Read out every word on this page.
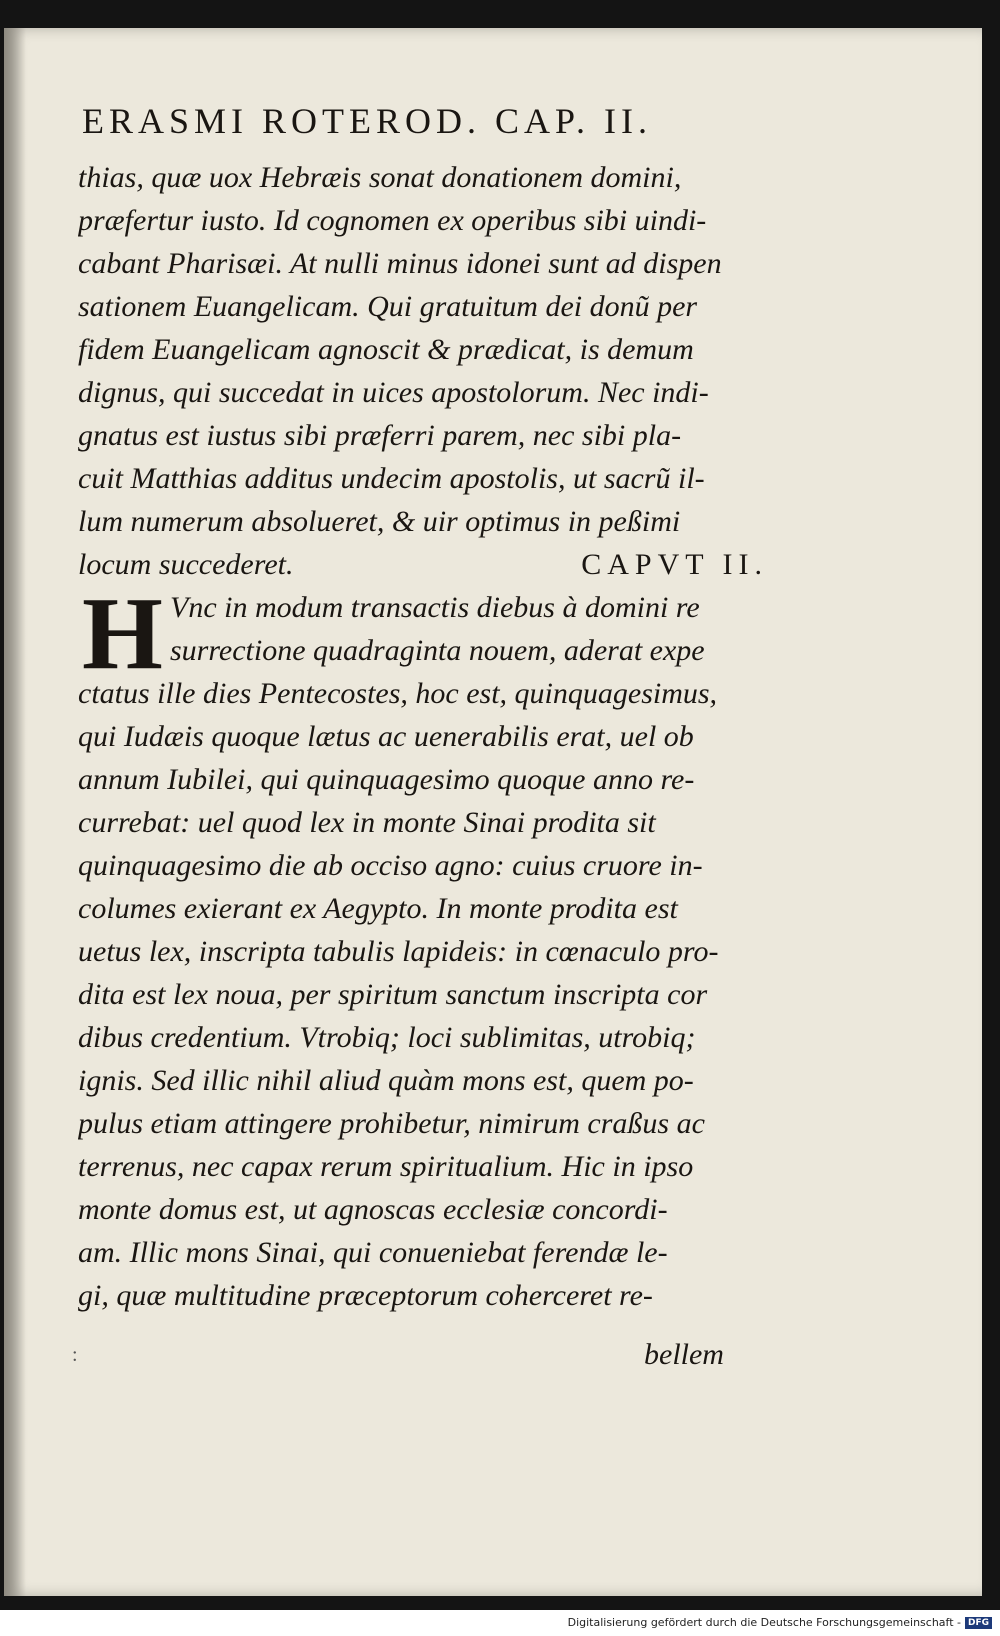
ERASMI ROTEROD. CAP. II.
thias, quæ uox Hebræis sonat donationem domini,
præfertur iusto. Id cognomen ex operibus sibi uindi-
cabant Pharisæi. At nulli minus idonei sunt ad dispen
sationem Euangelicam. Qui gratuitum dei donũ per
fidem Euangelicam agnoscit & prædicat, is demum
dignus, qui succedat in uices apostolorum. Nec indi-
gnatus est iustus sibi præferri parem, nec sibi pla-
cuit Matthias additus undecim apostolis, ut sacrũ il-
lum numerum absolueret, & uir optimus in peßimi
locum succederet.	CAPVT II.
H Vnc in modum transactis diebus à domini re
surrectione quadraginta nouem, aderat expe
ctatus ille dies Pentecostes, hoc est, quinquagesimus,
qui Iudæis quoque lætus ac uenerabilis erat, uel ob
annum Iubilei, qui quinquagesimo quoque anno re-
currebat: uel quod lex in monte Sinai prodita sit
quinquagesimo die ab occiso agno: cuius cruore in-
columes exierant ex Aegypto. In monte prodita est
uetus lex, inscripta tabulis lapideis: in cœnaculo pro-
dita est lex noua, per spiritum sanctum inscripta cor
dibus credentium. Vtrobiq; loci sublimitas, utrobiq;
ignis. Sed illic nihil aliud quàm mons est, quem po-
pulus etiam attingere prohibetur, nimirum craßus ac
terrenus, nec capax rerum spiritualium. Hic in ipso
monte domus est, ut agnoscas ecclesiæ concordi-
am. Illic mons Sinai, qui conueniebat ferendæ le-
gi, quæ multitudine præceptorum coherceret re-
:	bellem
Digitalisierung gefördert durch die Deutsche Forschungsgemeinschaft - DFG
